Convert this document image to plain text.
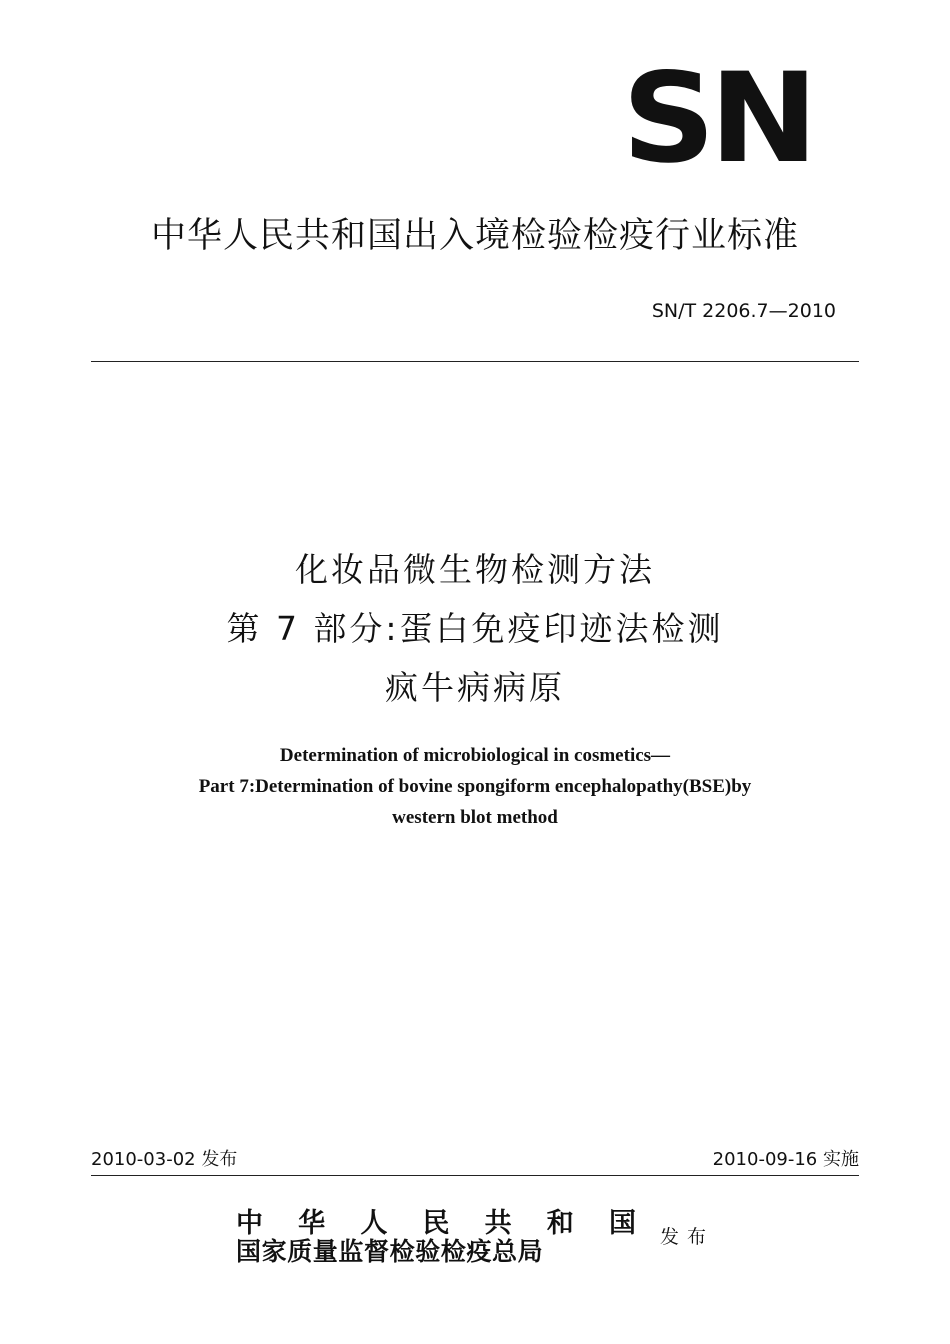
SN
中华人民共和国出入境检验检疫行业标准
SN/T 2206.7—2010
化妆品微生物检测方法
第 7 部分:蛋白免疫印迹法检测
疯牛病病原
Determination of microbiological in cosmetics—
Part 7:Determination of bovine spongiform encephalopathy(BSE)by
western blot method
2010-03-02 发布	2010-09-16 实施
中 华 人 民 共 和 国
国家质量监督检验检疫总局	发布
